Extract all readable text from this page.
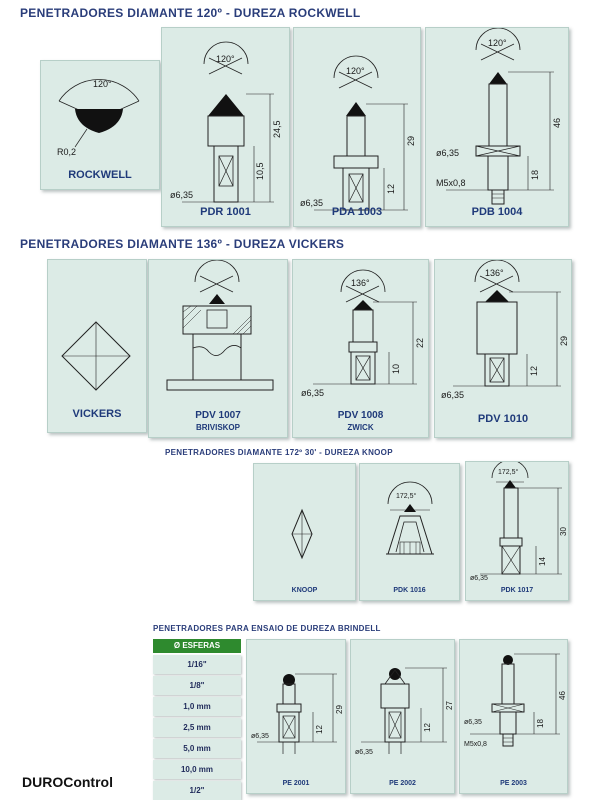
PENETRADORES DIAMANTE 120º - DUREZA ROCKWELL
PENETRADORES DIAMANTE 136º - DUREZA VICKERS
PENETRADORES DIAMANTE 172º 30' - DUREZA KNOOP
PENETRADORES PARA ENSAIO DE DUREZA BRINDELL
120°
R0,2
ROCKWELL
120°
24,5
10,5
ø6,35
PDR 1001
120°
29
12
ø6,35
PDA 1003
120°
46
18
ø6,35
M5x0,8
PDB 1004
VICKERS	PDV 1007
BRIVISKOP
136°
22
10
ø6,35
PDV 1008
ZWICK
136°
29
12
ø6,35
PDV 1010
KNOOP
172,5°
PDK 1016
172,5°
30
14
ø6,35
PDK 1017
Ø ESFERAS
1/16"
1/8"
1,0 mm
2,5 mm
5,0 mm
10,0 mm
1/2"
29
12
ø6,35
PE 2001
27
12
ø6,35
PE 2002
46
18
ø6,35
M5x0,8
PE 2003
DUROControl
